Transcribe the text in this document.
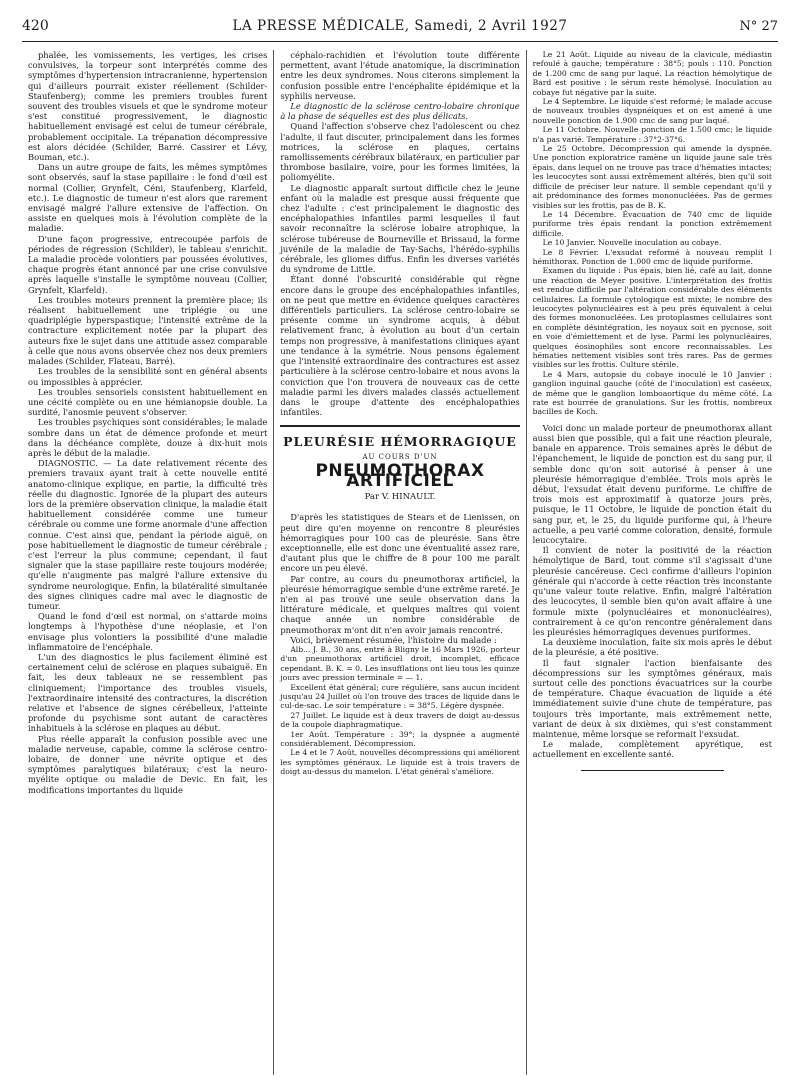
420	LA PRESSE MÉDICALE, Samedi, 2 Avril 1927	N° 27

phalée, les vomissements, les vertiges, les crises convulsives, la torpeur sont interprétés comme des symptômes d'hypertension intracranienne, hypertension qui d'ailleurs pourrait exister réellement (Schilder-Staufenberg); comme les premiers troubles furent souvent des troubles visuels et que le syndrome moteur s'est constitué progressivement, le diagnostic habituellement envisagé est celui de tumeur cérébrale, probablement occipitale. La trépanation décompressive est alors décidée (Schilder, Barré. Cassirer et Lévy, Bouman, etc.).

Dans un autre groupe de faits, les mêmes symptômes sont observés, sauf la stase papillaire : le fond d'œil est normal (Collier, Grynfelt, Céni, Staufenberg, Klarfeld, etc.). Le diagnostic de tumeur n'est alors que rarement envisagé malgré l'allure extensive de l'affection. On assiste en quelques mois à l'évolution complète de la maladie.

D'une façon progressive, entrecoupée parfois de périodes de régression (Schilder), le tableau s'enrichit. La maladie procède volontiers par poussées évolutives, chaque progrès étant annoncé par une crise convulsive après laquelle s'installe le symptôme nouveau (Collier, Grynfelt, Klarfeld).

Les troubles moteurs prennent la première place; ils réalisent habituellement une triplégie ou une quadriplégie hyperspastique; l'intensité extrême de la contracture explicitement notée par la plupart des auteurs fixe le sujet dans une attitude assez comparable à celle que nous avons observée chez nos deux premiers malades (Schilder, Flateau, Barré).

Les troubles de la sensibilité sont en général absents ou impossibles à apprécier.

Les troubles sensoriels consistent habituellement en une cécité complète ou en une hémianopsie double. La surdité, l'anosmie peuvent s'observer.

Les troubles psychiques sont considérables; le malade sombre dans un état de démence profonde et meurt dans la déchéance complète, douze à dix-huit mois après le début de la maladie.

DIAGNOSTIC. — La date relativement récente des premiers travaux ayant trait à cette nouvelle entité anatomo-clinique explique, en partie, la difficulté très réelle du diagnostic. Ignorée de la plupart des auteurs lors de la première observation clinique, la maladie était habituellement considérée comme une tumeur cérébrale ou comme une forme anormale d'une affection connue. C'est ainsi que, pendant la période aiguë, on pose habituellement le diagnostic de tumeur cérébrale ; c'est l'erreur la plus commune; cependant, il faut signaler que la stase papillaire reste toujours modérée; qu'elle n'augmente pas malgré l'allure extensive du syndrome neurologique. Enfin, la bilatéralité simultanée des signes cliniques cadre mal avec le diagnostic de tumeur.

Quand le fond d'œil est normal, on s'attarde moins longtemps à l'hypothèse d'une néoplasie, et l'on envisage plus volontiers la possibilité d'une maladie inflammatoire de l'encéphale.

L'un des diagnostics le plus facilement éliminé est certainement celui de sclérose en plaques subaiguë. En fait, les deux tableaux ne se ressemblent pas cliniquement; l'importance des troubles visuels, l'extraordinaire intensité des contractures, la discrétion relative et l'absence de signes cérébelleux, l'atteinte profonde du psychisme sont autant de caractères inhabituels à la sclérose en plaques au début.

Plus réelle apparaît la confusion possible avec une maladie nerveuse, capable, comme la sclérose centro-lobaire, de donner une névrite optique et des symptômes paralytiques bilatéraux; c'est la neuro-myélite optique ou maladie de Devic. En fait, les modifications importantes du liquide

céphalo-rachidien et l'évolution toute différente permettent, avant l'étude anatomique, la discrimination entre les deux syndromes. Nous citerons simplement la confusion possible entre l'encéphalite épidémique et la syphilis nerveuse.

Le diagnostic de la sclérose centro-lobaire chronique à la phase de séquelles est des plus délicats.

Quand l'affection s'observe chez l'adolescent ou chez l'adulte, il faut discuter, principalement dans les formes motrices, la sclérose en plaques, certains ramollissements cérébraux bilatéraux, en particulier par thrombose basilaire, voire, pour les formes limitées, la poliomyélite.

Le diagnostic apparaît surtout difficile chez le jeune enfant où la maladie est presque aussi fréquente que chez l'adulte : c'est principalement le diagnostic des encéphalopathies infantiles parmi lesquelles il faut savoir reconnaître la sclérose lobaire atrophique, la sclérose tubéreuse de Bourneville et Brissaud, la forme juvénile de la maladie de Tay-Sachs, l'hérédo-syphilis cérébrale, les gliomes diffus. Enfin les diverses variétés du syndrome de Little.

Étant donné l'obscurité considérable qui règne encore dans le groupe des encéphalopathies infantiles, on ne peut que mettre en évidence quelques caractères différentiels particuliers. La sclérose centro-lobaire se présente comme un syndrome acquis, à début relativement franc, à évolution au bout d'un certain temps non progressive, à manifestations cliniques ayant une tendance à la symétrie. Nous pensons également que l'intensité extraordinaire des contractures est assez particulière à la sclérose centro-lobaire et nous avons la conviction que l'on trouvera de nouveaux cas de cette maladie parmi les divers malades classés actuellement dans le groupe d'attente des encéphalopathies infantiles.

PLEURÉSIE HÉMORRAGIQUE
AU COURS D'UN
PNEUMOTHORAX ARTIFICIEL
Par V. HINAULT.

D'après les statistiques de Stears et de Lienissen, on peut dire qu'en moyenne on rencontre 8 pleurésies hémorragiques pour 100 cas de pleurésie. Sans être exceptionnelle, elle est donc une éventualité assez rare, d'autant plus que le chiffre de 8 pour 100 me paraît encore un peu élevé.

Par contre, au cours du pneumothorax artificiel, la pleurésie hémorragique semble d'une extrême rareté. Je n'en ai pas trouvé une seule observation dans la littérature médicale, et quelques maîtres qui voient chaque année un nombre considérable de pneumothorax m'ont dit n'en avoir jamais rencontré.

Voici, brièvement résumée, l'histoire du malade :

Alb... J. B., 30 ans, entré à Bligny le 16 Mars 1926, porteur d'un pneumothorax artificiel droit, incomplet, efficace cependant. B. K. = 0. Les insufflations ont lieu tous les quinze jours avec pression terminale = — 1.

Excellent état général; cure régulière, sans aucun incident jusqu'au 24 Juillet où l'on trouve des traces de liquide dans le cul-de-sac. Le soir température : = 38°5. Légère dyspnée.

27 Juillet. Le liquide est à deux travers de doigt au-dessus de la coupole diaphragmatique.

1er Août. Température : 39°; la dyspnée a augmenté considérablement. Décompression.

Le 4 et le 7 Août, nouvelles décompressions qui améliorent les symptômes généraux. Le liquide est à trois travers de doigt au-dessus du mamelon. L'état général s'améliore.

Le 21 Août. Liquide au niveau de la clavicule, médiastin refoulé à gauche; température : 38°5; pouls : 110. Ponction de 1.200 cmc de sang pur laqué. La réaction hémolytique de Bard est positive : le sérum reste hémolysé. Inoculation au cobaye fut négative par la suite.

Le 4 Septembre. Le liquide s'est reformé; le malade accuse de nouveaux troubles dyspnéiques et on est amené à une nouvelle ponction de 1.900 cmc de sang pur laqué.

Le 11 Octobre. Nouvelle ponction de 1.500 cmc; le liquide n'a pas varié. Température : 37°2-37°6.

Le 25 Octobre. Décompression qui amende la dyspnée. Une ponction exploratrice ramène un liquide jaune sale très épais, dans lequel on ne trouve pas trace d'hématies intactes; les leucocytes sont aussi extrêmement altérés, bien qu'il soit difficile de préciser leur nature. Il semble cependant qu'il y ait prédominance des formes mononucléées. Pas de germes visibles sur les frottis, pas de B. K.

Le 14 Décembre. Évacuation de 740 cmc de liquide puriforme très épais rendant la ponction extrêmement difficile.

Le 10 Janvier. Nouvelle inoculation au cobaye.

Le 8 Février. L'exsudat reformé à nouveau remplit l hémithorax. Ponction de 1.000 cmc de liquide puriforme.

Examen du liquide : Pus épais, bien lié, café au lait, donne une réaction de Meyer positive. L'interprétation des frottis est rendue difficile par l'altération considérable des éléments cellulaires. La formule cytologique est mixte; le nombre des leucocytes polynucléaires est à peu près équivalent à celui des formes mononucléées. Les protoplasmes cellulaires sont en complète désintégration, les noyaux soit en pycnose, soit en voie d'émiettement et de lyse. Parmi les polynucléaires, quelques éosinophiles sont encore reconnaissables. Les hématies nettement visibles sont très rares. Pas de germes visibles sur les frottis. Culture stérile.

Le 4 Mars, autopsie du cobaye inoculé le 10 Janvier : ganglion inguinal gauche (côté de l'inoculation) est caséeux, de même que le ganglion lomboaortique du même côté. La rate est bourrée de granulations. Sur les frottis, nombreux bacilles de Koch.

Voici donc un malade porteur de pneumothorax allant aussi bien que possible, qui a fait une réaction pleurale, banale en apparence. Trois semaines après le début de l'épanchement, le liquide de ponction est du sang pur, il semble donc qu'on soit autorisé à penser à une pleurésie hémorragique d'emblée. Trois mois après le début, l'exsudat était devenu puriforme. Le chiffre de trois mois est approximatif à quatorze jours près, puisque, le 11 Octobre, le liquide de ponction était du sang pur, et, le 25, du liquide puriforme qui, à l'heure actuelle, a peu varié comme coloration, densité, formule leucocytaire.

Il convient de noter la positivité de la réaction hémolytique de Bard, tout comme s'il s'agissait d'une pleurésie cancéreuse. Ceci confirme d'ailleurs l'opinion générale qui n'accorde à cette réaction très inconstante qu'une valeur toute relative. Enfin, malgré l'altération des leucocytes, il semble bien qu'on avait affaire à une formule mixte (polynucléaires et mononucléaires), contrairement à ce qu'on rencontre généralement dans les pleurésies hémorragiques devenues puriformes.

La deuxième inoculation, faite six mois après le début de la pleurésie, a été positive.

Il faut signaler l'action bienfaisante des décompressions sur les symptômes généraux, mais surtout celle des ponctions évacuatrices sur la courbe de température. Chaque évacuation de liquide a été immédiatement suivie d'une chute de température, pas toujours très importante, mais extrêmement nette, variant de deux à six dixièmes, qui s'est constamment maintenue, même lorsque se reformait l'exsudat.

Le malade, complètement apyrétique, est actuellement en excellente santé.
